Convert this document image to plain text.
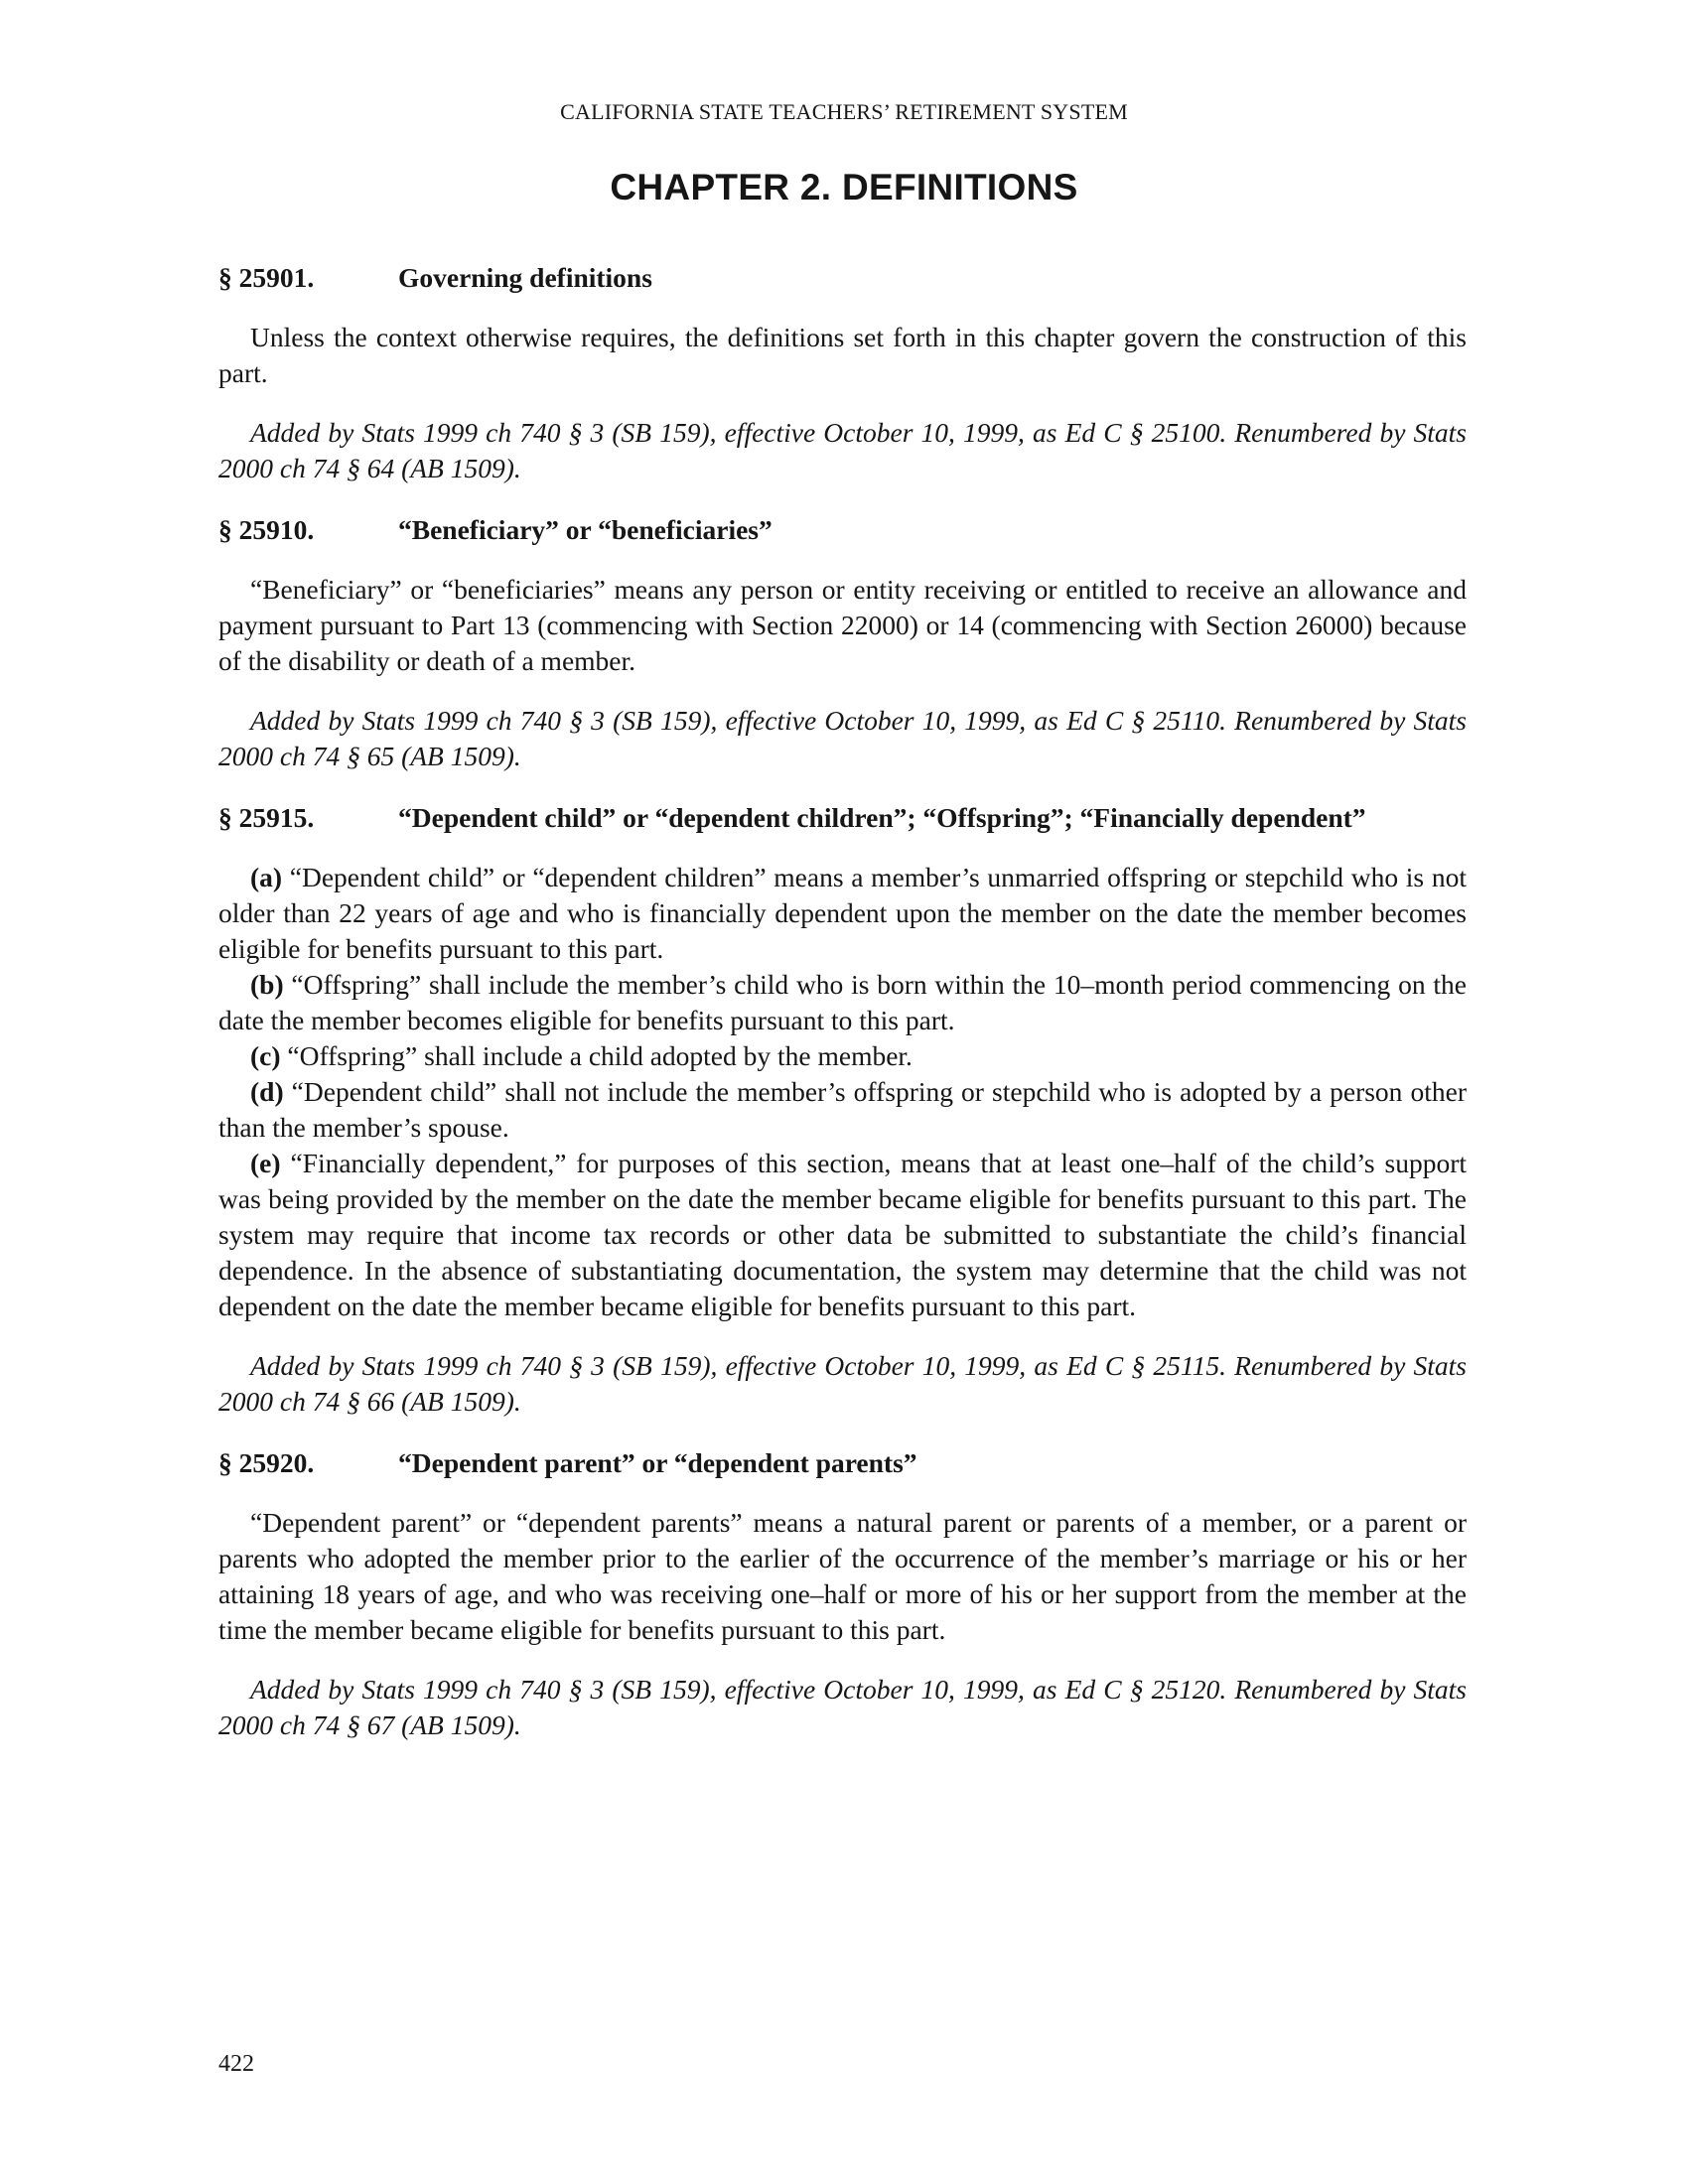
CALIFORNIA STATE TEACHERS’ RETIREMENT SYSTEM
CHAPTER 2. DEFINITIONS
§ 25901.	Governing definitions

Unless the context otherwise requires, the definitions set forth in this chapter govern the construction of this part.

Added by Stats 1999 ch 740 § 3 (SB 159), effective October 10, 1999, as Ed C § 25100. Renumbered by Stats 2000 ch 74 § 64 (AB 1509).

§ 25910.	“Beneficiary” or “beneficiaries”

“Beneficiary” or “beneficiaries” means any person or entity receiving or entitled to receive an allowance and payment pursuant to Part 13 (commencing with Section 22000) or 14 (commencing with Section 26000) because of the disability or death of a member.

Added by Stats 1999 ch 740 § 3 (SB 159), effective October 10, 1999, as Ed C § 25110. Renumbered by Stats 2000 ch 74 § 65 (AB 1509).

§ 25915.	“Dependent child” or “dependent children”; “Offspring”; “Financially dependent”

(a) “Dependent child” or “dependent children” means a member’s unmarried offspring or stepchild who is not older than 22 years of age and who is financially dependent upon the member on the date the member becomes eligible for benefits pursuant to this part.

(b) “Offspring” shall include the member’s child who is born within the 10–month period commencing on the date the member becomes eligible for benefits pursuant to this part.

(c) “Offspring” shall include a child adopted by the member.

(d) “Dependent child” shall not include the member’s offspring or stepchild who is adopted by a person other than the member’s spouse.

(e) “Financially dependent,” for purposes of this section, means that at least one–half of the child’s support was being provided by the member on the date the member became eligible for benefits pursuant to this part. The system may require that income tax records or other data be submitted to substantiate the child’s financial dependence. In the absence of substantiating documentation, the system may determine that the child was not dependent on the date the member became eligible for benefits pursuant to this part.

Added by Stats 1999 ch 740 § 3 (SB 159), effective October 10, 1999, as Ed C § 25115. Renumbered by Stats 2000 ch 74 § 66 (AB 1509).

§ 25920.	“Dependent parent” or “dependent parents”

“Dependent parent” or “dependent parents” means a natural parent or parents of a member, or a parent or parents who adopted the member prior to the earlier of the occurrence of the member’s marriage or his or her attaining 18 years of age, and who was receiving one–half or more of his or her support from the member at the time the member became eligible for benefits pursuant to this part.

Added by Stats 1999 ch 740 § 3 (SB 159), effective October 10, 1999, as Ed C § 25120. Renumbered by Stats 2000 ch 74 § 67 (AB 1509).

422
